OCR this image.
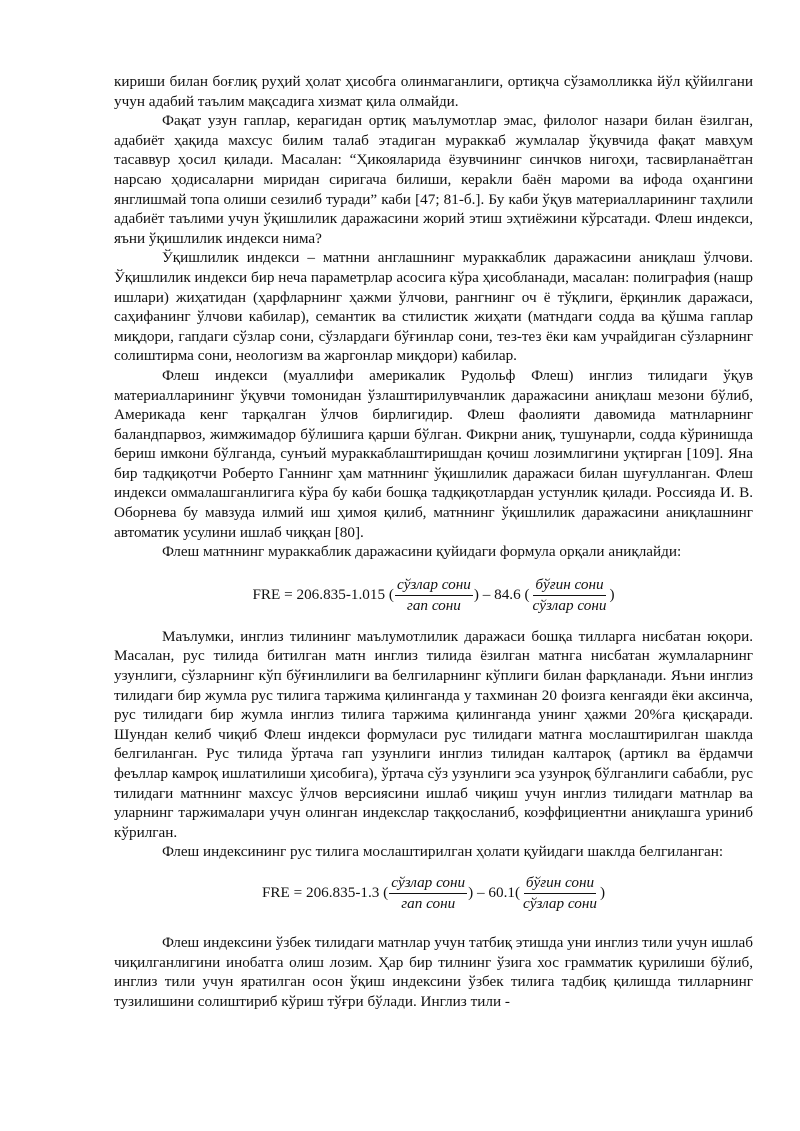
кириши билан боғлиқ руҳий ҳолат ҳисобга олинмаганлиги, ортиқча сўзамолликка йўл қўйилгани учун адабий таълим мақсадига хизмат қила олмайди.

Фақат узун гаплар, керагидан ортиқ маълумотлар эмас, филолог назари билан ёзилган, адабиёт ҳақида махсус билим талаб этадиган мураккаб жумлалар ўқувчида фақат мавҳум тасаввур ҳосил қилади. Масалан: “Ҳикояларида ёзувчининг синчков нигоҳи, тасвирланаётган нарсаю ҳодисаларни миридан сиригача билиши, кераkли баён мароми ва ифода оҳангини янглишмай топа олиши сезилиб туради” каби [47; 81-б.]. Бу каби ўқув материалларининг таҳлили адабиёт таълими учун ўқишлилик даражасини жорий этиш эҳтиёжини кўрсатади. Флеш индекси, яъни ўқишлилик индекси нима?

Ўқишлилик индекси – матнни англашнинг мураккаблик даражасини аниқлаш ўлчови. Ўқишлилик индекси бир неча параметрлар асосига кўра ҳисобланади, масалан: полиграфия (нашр ишлари) жиҳатидан (ҳарфларнинг ҳажми ўлчови, рангнинг оч ё тўқлиги, ёрқинлик даражаси, саҳифанинг ўлчови кабилар), семантик ва стилистик жиҳати (матндаги содда ва қўшма гаплар миқдори, гапдаги сўзлар сони, сўзлардаги бўғинлар сони, тез-тез ёки кам учрайдиган сўзларнинг солиштирма сони, неологизм ва жаргонлар миқдори) кабилар.

Флеш индекси (муаллифи америкалик Рудольф Флеш) инглиз тилидаги ўқув материалларининг ўқувчи томонидан ўзлаштирилувчанлик даражасини аниқлаш мезони бўлиб, Америкада кенг тарқалган ўлчов бирлигидир. Флеш фаолияти давомида матнларнинг баландпарвоз, жимжимадор бўлишига қарши бўлган. Фикрни аниқ, тушунарли, содда кўринишда бериш имкони бўлганда, сунъий мураккаблаштиришдан қочиш лозимлигини уқтирган [109]. Яна бир тадқиқотчи Роберто Ганнинг ҳам матннинг ўқишлилик даражаси билан шуғулланган. Флеш индекси оммалашганлигига кўра бу каби бошқа тадқиқотлардан устунлик қилади. Россияда И. В. Оборнева бу мавзуда илмий иш ҳимоя қилиб, матннинг ўқишлилик даражасини аниқлашнинг автоматик усулини ишлаб чиққан [80].

Флеш матннинг мураккаблик даражасини қуйидаги формула орқали аниқлайди:

FRE = 206.835-1.015 ( $\frac{\text{сўзлар сони}}{\text{гап сони}}$ ) – 84.6 ( $\frac{\text{бўғин сони}}{\text{сўзлар сони}}$ )

Маълумки, инглиз тилининг маълумотлилик даражаси бошқа тилларга нисбатан юқори. Масалан, рус тилида битилган матн инглиз тилида ёзилган матнга нисбатан жумлаларнинг узунлиги, сўзларнинг кўп бўғинлилиги ва белгиларнинг кўплиги билан фарқланади. Яъни инглиз тилидаги бир жумла рус тилига таржима қилинганда у тахминан 20 фоизга кенгаяди ёки аксинча, рус тилидаги бир жумла инглиз тилига таржима қилинганда унинг ҳажми 20%га қисқаради. Шундан келиб чиқиб Флеш индекси формуласи рус тилидаги матнга мослаштирилган шаклда белгиланган. Рус тилида ўртача гап узунлиги инглиз тилидан калтароқ (артикл ва ёрдамчи феъллар камроқ ишлатилиши ҳисобига), ўртача сўз узунлиги эса узунроқ бўлганлиги сабабли, рус тилидаги матннинг махсус ўлчов версиясини ишлаб чиқиш учун инглиз тилидаги матнлар ва уларнинг таржималари учун олинган индекслар таққосланиб, коэффициентни аниқлашга уриниб кўрилган.

Флеш индексининг рус тилига мослаштирилган ҳолати қуйидаги шаклда белгиланган:

FRE = 206.835-1.3 ( $\frac{\text{сўзлар сони}}{\text{гап сони}}$ ) – $60.1( \frac{\text{бўғин сони}}{\text{сўзлар сони}}$ )

Флеш индексини ўзбек тилидаги матнлар учун татбиқ этишда уни инглиз тили учун ишлаб чиқилганлигини инобатга олиш лозим. Ҳар бир тилнинг ўзига хос грамматик қурилиши бўлиб, инглиз тили учун яратилган осон ўқиш индексини ўзбек тилига тадбиқ қилишда тилларнинг тузилишини солиштириб кўриш тўғри бўлади. Инглиз тили -
